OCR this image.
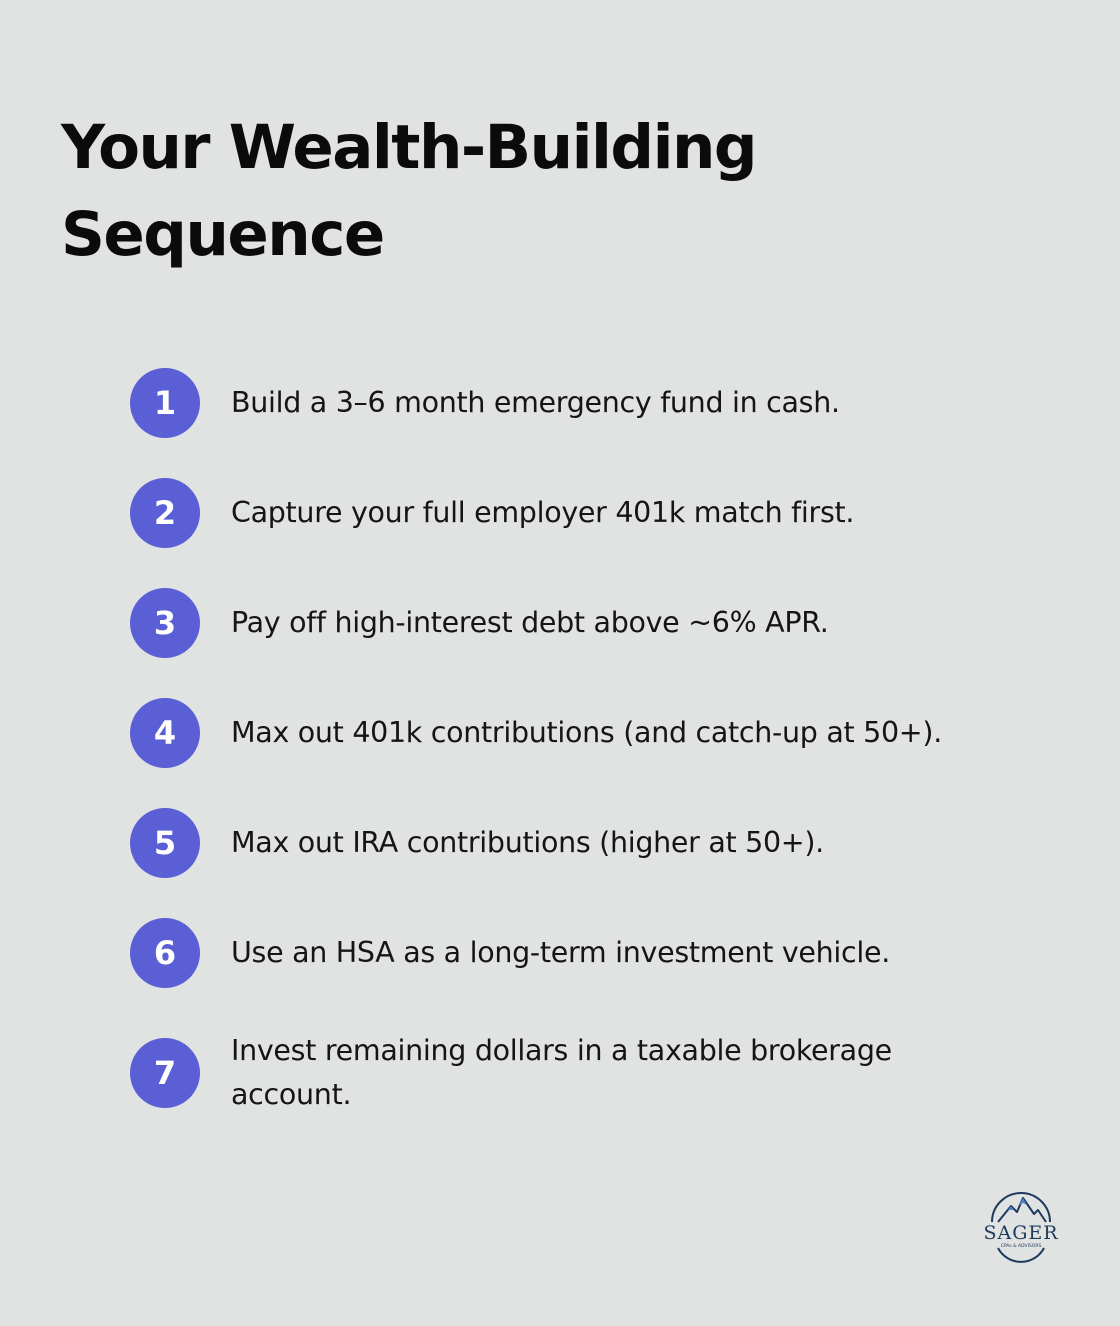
Your Wealth-Building Sequence
1	Build a 3–6 month emergency fund in cash.
2	Capture your full employer 401k match first.
3	Pay off high-interest debt above ~6% APR.
4	Max out 401k contributions (and catch-up at 50+).
5	Max out IRA contributions (higher at 50+).
6	Use an HSA as a long-term investment vehicle.
7
Invest remaining dollars in a taxable brokerage account.
SAGER
CPAs & ADVISORS
